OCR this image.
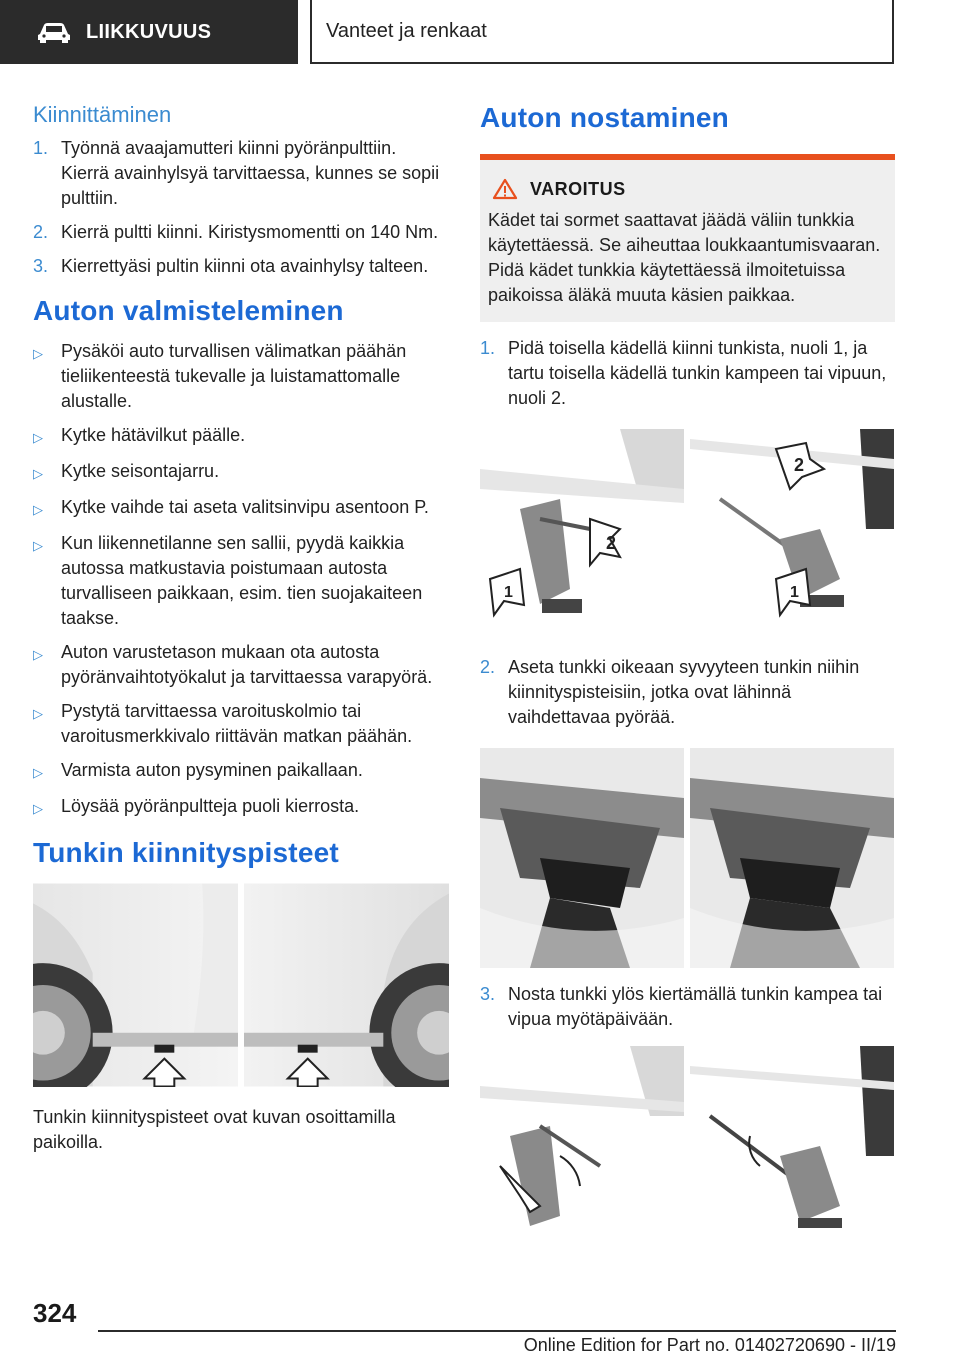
LIIKKUVUUS	Vanteet ja renkaat
Kiinnittäminen
1. Työnnä avaajamutteri kiinni pyöränpulttiin. Kierrä avainhylsyä tarvittaessa, kunnes se sopii pulttiin.
2. Kierrä pultti kiinni. Kiristysmomentti on 140 Nm.
3. Kierrettyäsi pultin kiinni ota avainhylsy talteen.
Auton valmisteleminen
▷	Pysäköi auto turvallisen välimatkan päähän tieliikenteestä tukevalle ja luistamattomalle alustalle.
▷	Kytke hätävilkut päälle.
▷	Kytke seisontajarru.
▷	Kytke vaihde tai aseta valitsinvipu asentoon P.
▷	Kun liikennetilanne sen sallii, pyydä kaikkia autossa matkustavia poistumaan autosta turvalliseen paikkaan, esim. tien suojakaiteen taakse.
▷	Auton varustetason mukaan ota autosta pyöränvaihtotyökalut ja tarvittaessa varapyörä.
▷	Pystytä tarvittaessa varoituskolmio tai varoitusmerkkivalo riittävän matkan päähän.
▷	Varmista auton pysyminen paikallaan.
▷	Löysää pyöränpultteja puoli kierrosta.
Tunkin kiinnityspisteet
Tunkin kiinnityspisteet ovat kuvan osoittamilla paikoilla.
Auton nostaminen
VAROITUS
Kädet tai sormet saattavat jäädä väliin tunkkia käytettäessä. Se aiheuttaa loukkaantumisvaaran. Pidä kädet tunkkia käytettäessä ilmoitetuissa paikoissa äläkä muuta käsien paikkaa.
1. Pidä toisella kädellä kiinni tunkista, nuoli 1, ja tartu toisella kädellä tunkin kampeen tai vipuun, nuoli 2.
2
1
2
1
2. Aseta tunkki oikeaan syvyyteen tunkin niihin kiinnityspisteisiin, jotka ovat lähinnä vaihdettavaa pyörää.
3. Nosta tunkki ylös kiertämällä tunkin kampea tai vipua myötäpäivään.
324
Online Edition for Part no. 01402720690 - II/19
